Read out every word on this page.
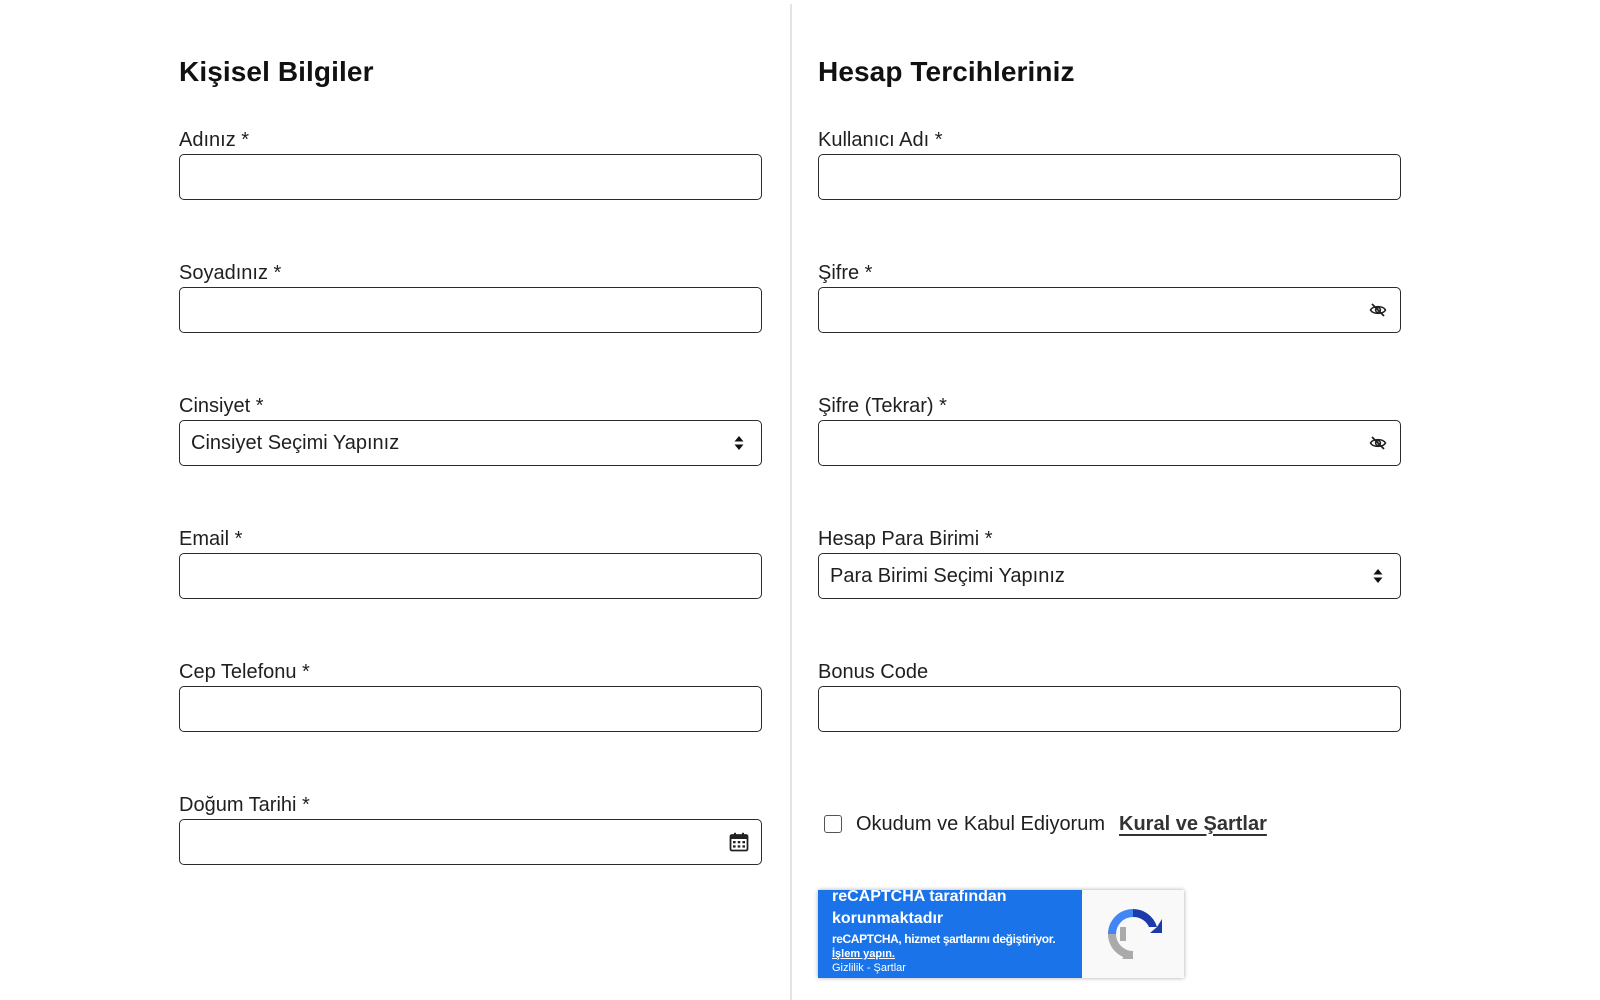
Kişisel Bilgiler
Adınız *
Soyadınız *
Cinsiyet *
Cinsiyet Seçimi Yapınız
Email *
Cep Telefonu *
Doğum Tarihi *
Hesap Tercihleriniz
Kullanıcı Adı *
Şifre *
Şifre (Tekrar) *
Hesap Para Birimi *
Para Birimi Seçimi Yapınız
Bonus Code
Okudum ve Kabul Ediyorum Kural ve Şartlar
reCAPTCHA tarafından korunmaktadır
reCAPTCHA, hizmet şartlarını değiştiriyor.
İşlem yapın.
Gizlilik - Şartlar
